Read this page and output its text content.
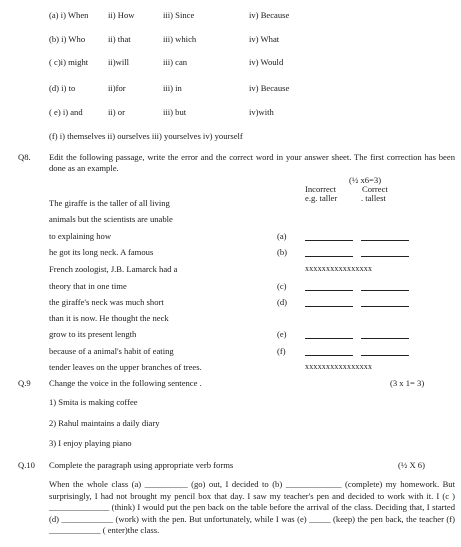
(a) i) When ii) How	iii) Since	iv) Because
(b) i) Who	ii) that	iii) which	iv) What
( c)i) might ii)will	iii) can	iv) Would
(d) i) to	ii)for	iii) in	iv) Because
( e) i) and	ii) or	iii) but	iv)with
(f) i) themselves ii) ourselves iii) yourselves iv) yourself
Q8. Edit the following passage, write the error and the correct word in your answer sheet. The first correction has been done as an example.
(½ x6=3)
Incorrect	Correct
e.g. taller	. tallest
The giraffe is the taller of all living
animals but the scientists are unable
to explaining how	(a)
he got its long neck. A famous	(b)
French zoologist, J.B. Lamarck had a	xxxxxxxxxxxxxxxx
theory that in one time	(c)
the giraffe's neck was much short	(d)
than it is now. He thought the neck
grow to its present length	(e)
because of a animal's habit of eating	(f)
tender leaves on the upper branches of trees.	xxxxxxxxxxxxxxxx
Q.9 Change the voice in the following sentence .	(3 x 1= 3)
1) Smita is making coffee
2) Rahul maintains a daily diary
3) I enjoy playing piano
Q.10 Complete the paragraph using appropriate verb forms	(½ X 6)
When the whole class (a) __________ (go) out, I decided to (b) _____________ (complete) my homework. But surprisingly, I had not brought my pencil box that day. I saw my teacher's pen and decided to work with it. I (c ) ______________ (think) I would put the pen back on the table before the arrival of the class. Deciding that, I started (d) ____________ (work) with the pen. But unfortunately, while I was (e) _____ (keep) the pen back, the teacher (f) ____________ ( enter)the class.
